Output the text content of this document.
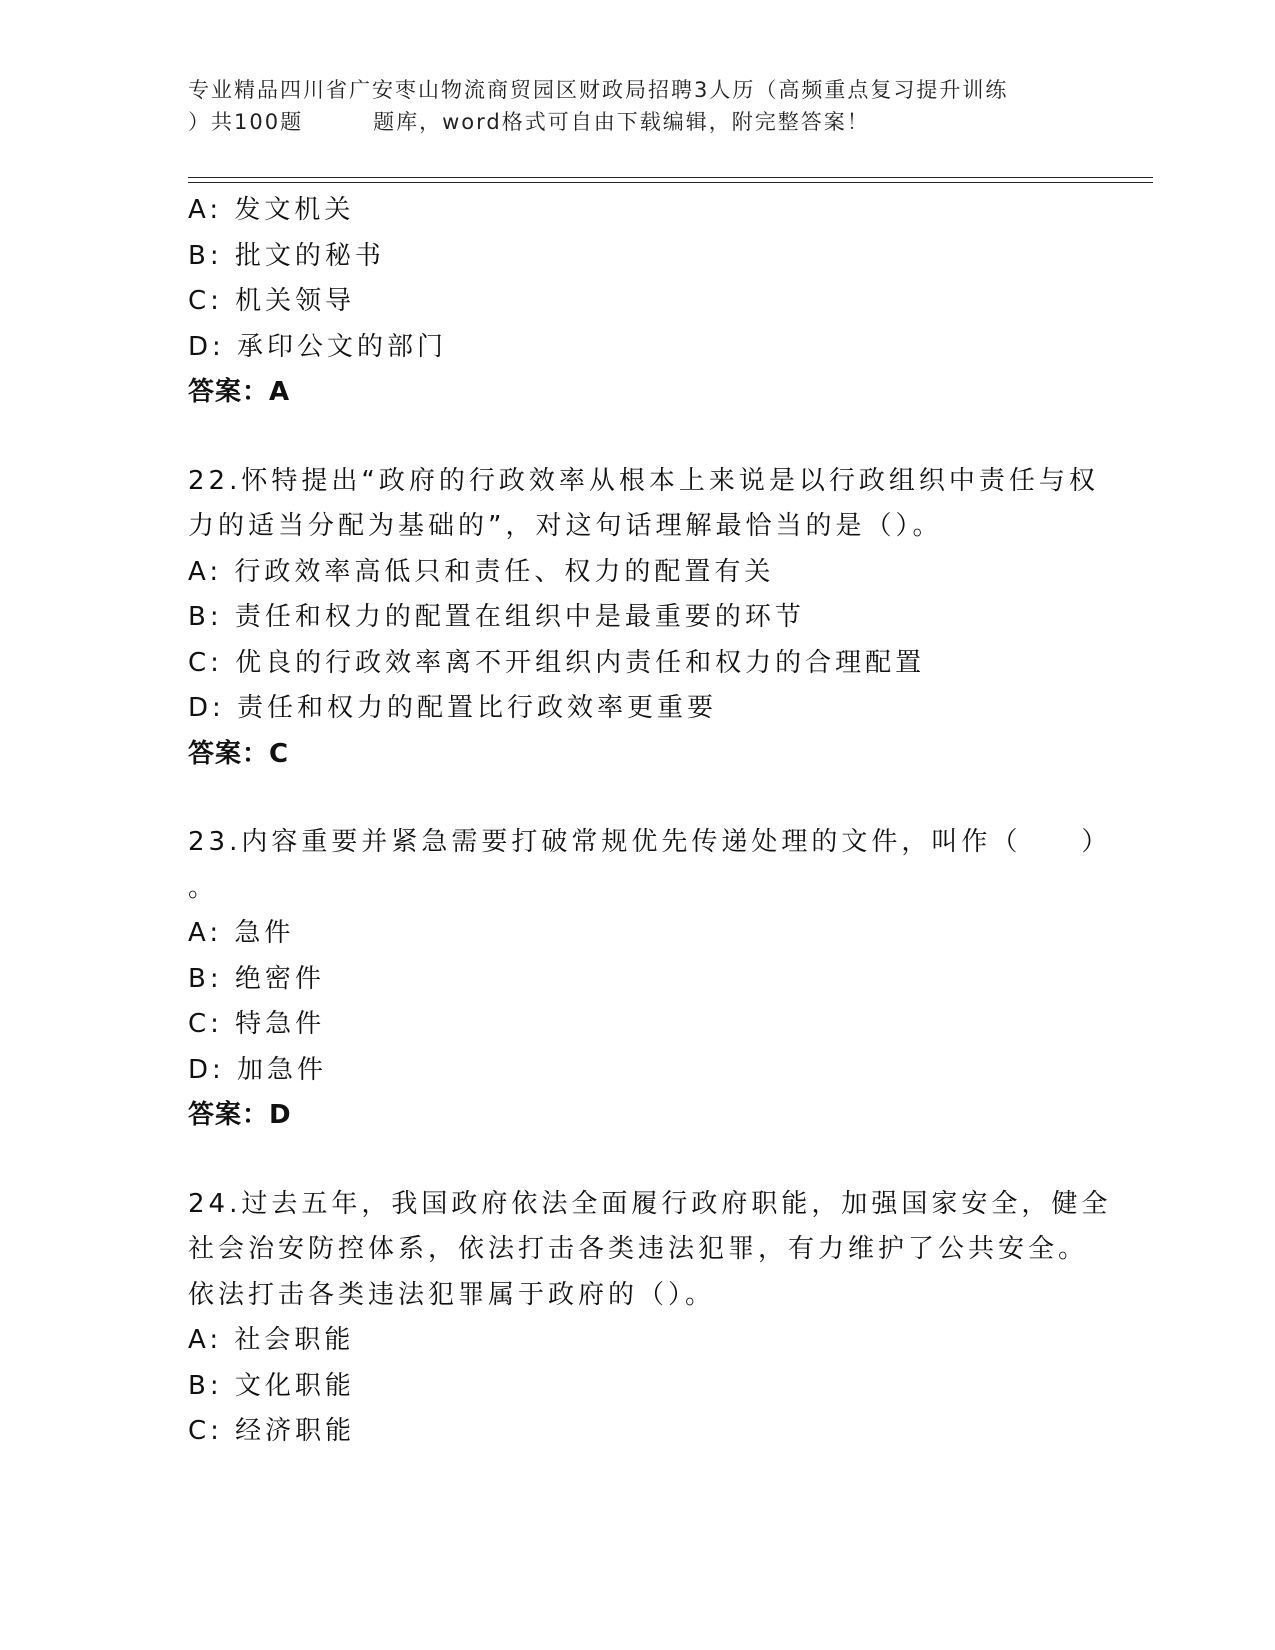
专业精品四川省广安枣山物流商贸园区财政局招聘3人历（高频重点复习提升训练
）共100题	题库，word格式可自由下载编辑，附完整答案！
A: 发文机关
B: 批文的秘书
C: 机关领导
D: 承印公文的部门
答案：A
22.怀特提出“政府的行政效率从根本上来说是以行政组织中责任与权
力的适当分配为基础的”，对这句话理解最恰当的是（）。
A: 行政效率高低只和责任、权力的配置有关
B: 责任和权力的配置在组织中是最重要的环节
C: 优良的行政效率离不开组织内责任和权力的合理配置
D: 责任和权力的配置比行政效率更重要
答案：C
23.内容重要并紧急需要打破常规优先传递处理的文件，叫作（　　）
。
A: 急件
B: 绝密件
C: 特急件
D: 加急件
答案：D
24.过去五年，我国政府依法全面履行政府职能，加强国家安全，健全
社会治安防控体系，依法打击各类违法犯罪，有力维护了公共安全。
依法打击各类违法犯罪属于政府的（）。
A: 社会职能
B: 文化职能
C: 经济职能
